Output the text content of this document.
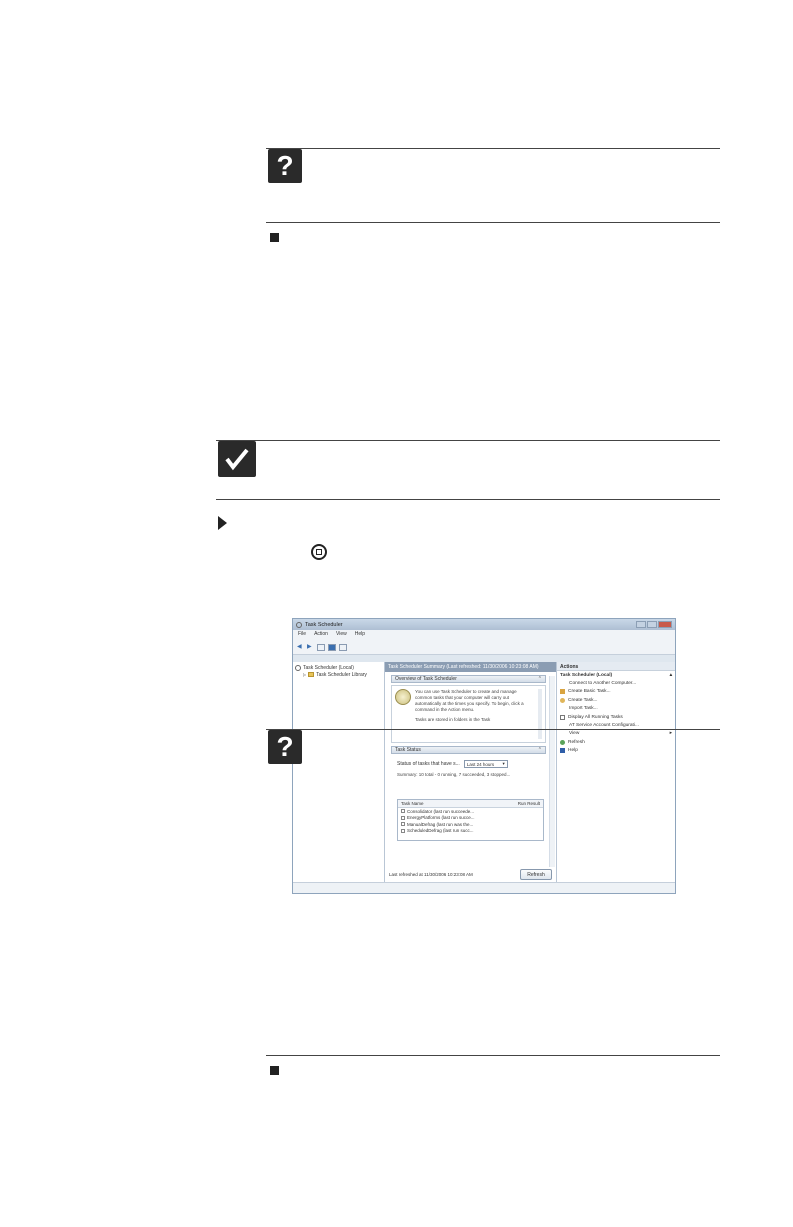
?
Task Scheduler
File Action View Help
◀ ▶
Task Scheduler (Local)
▷ Task Scheduler Library
Task Scheduler Summary (Last refreshed: 11/30/2006 10:23:08 AM)
Overview of Task Scheduler	⌃
You can use Task Scheduler to create and manage common tasks that your computer will carry out automatically at the times you specify. To begin, click a command in the Action menu.
Tasks are stored in folders in the Task
Task Status	⌃
Status of tasks that have s... Last 24 hours ▾
Summary: 10 total - 0 running, 7 succeeded, 3 stopped...
Task Name	Run Result
Consolidator (last run succeede...
EnergyPlatforms (last run succe...
ManualDefrag (last run was the...
ScheduledDefrag (last run succ...
Last refreshed at 11/30/2006 10:23:08 AM	Refresh
Actions
Task Scheduler (Local)	▴
Connect to Another Computer...
Create Basic Task...
Create Task...
Import Task...
Display All Running Tasks
AT Service Account Configurati...
View	▸
Refresh
Help
?
